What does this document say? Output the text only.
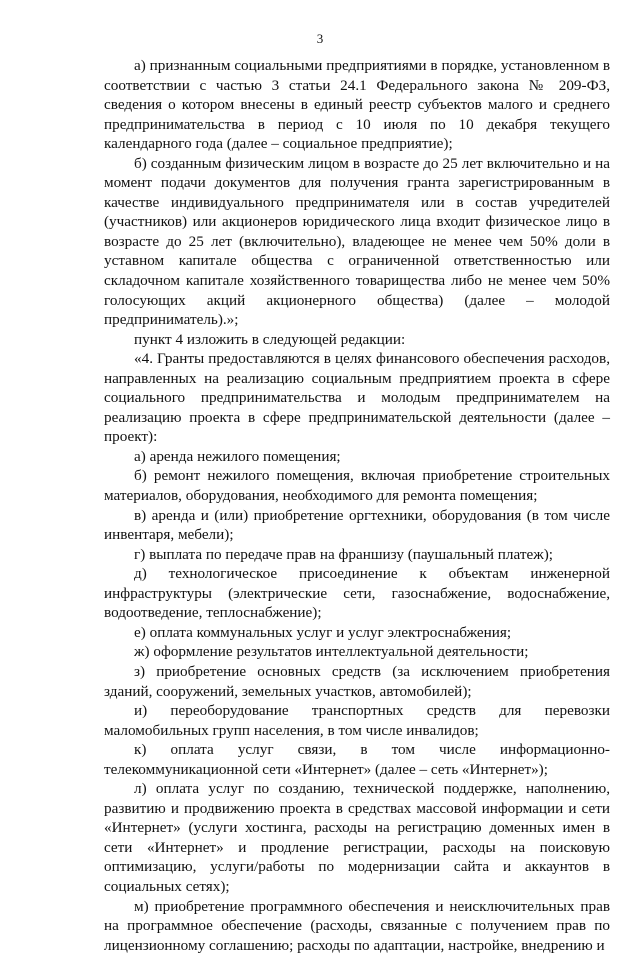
3

а) признанным социальными предприятиями в порядке, установленном в соответствии с частью 3 статьи 24.1 Федерального закона № 209-ФЗ, сведения о котором внесены в единый реестр субъектов малого и среднего предпринимательства в период с 10 июля по 10 декабря текущего календарного года (далее – социальное предприятие);

б) созданным физическим лицом в возрасте до 25 лет включительно и на момент подачи документов для получения гранта зарегистрированным в качестве индивидуального предпринимателя или в состав учредителей (участников) или акционеров юридического лица входит физическое лицо в возрасте до 25 лет (включительно), владеющее не менее чем 50% доли в уставном капитале общества с ограниченной ответственностью или складочном капитале хозяйственного товарищества либо не менее чем 50% голосующих акций акционерного общества) (далее – молодой предприниматель).»;

пункт 4 изложить в следующей редакции:

«4. Гранты предоставляются в целях финансового обеспечения расходов, направленных на реализацию социальным предприятием проекта в сфере социального предпринимательства и молодым предпринимателем на реализацию проекта в сфере предпринимательской деятельности (далее – проект):

а) аренда нежилого помещения;

б) ремонт нежилого помещения, включая приобретение строительных материалов, оборудования, необходимого для ремонта помещения;

в) аренда и (или) приобретение оргтехники, оборудования (в том числе инвентаря, мебели);

г) выплата по передаче прав на франшизу (паушальный платеж);

д) технологическое присоединение к объектам инженерной инфраструктуры (электрические сети, газоснабжение, водоснабжение, водоотведение, теплоснабжение);

е) оплата коммунальных услуг и услуг электроснабжения;

ж) оформление результатов интеллектуальной деятельности;

з) приобретение основных средств (за исключением приобретения зданий, сооружений, земельных участков, автомобилей);

и) переоборудование транспортных средств для перевозки маломобильных групп населения, в том числе инвалидов;

к) оплата услуг связи, в том числе информационно-телекоммуникационной сети «Интернет» (далее – сеть «Интернет»);

л) оплата услуг по созданию, технической поддержке, наполнению, развитию и продвижению проекта в средствах массовой информации и сети «Интернет» (услуги хостинга, расходы на регистрацию доменных имен в сети «Интернет» и продление регистрации, расходы на поисковую оптимизацию, услуги/работы по модернизации сайта и аккаунтов в социальных сетях);

м) приобретение программного обеспечения и неисключительных прав на программное обеспечение (расходы, связанные с получением прав по лицензионному соглашению; расходы по адаптации, настройке, внедрению и
